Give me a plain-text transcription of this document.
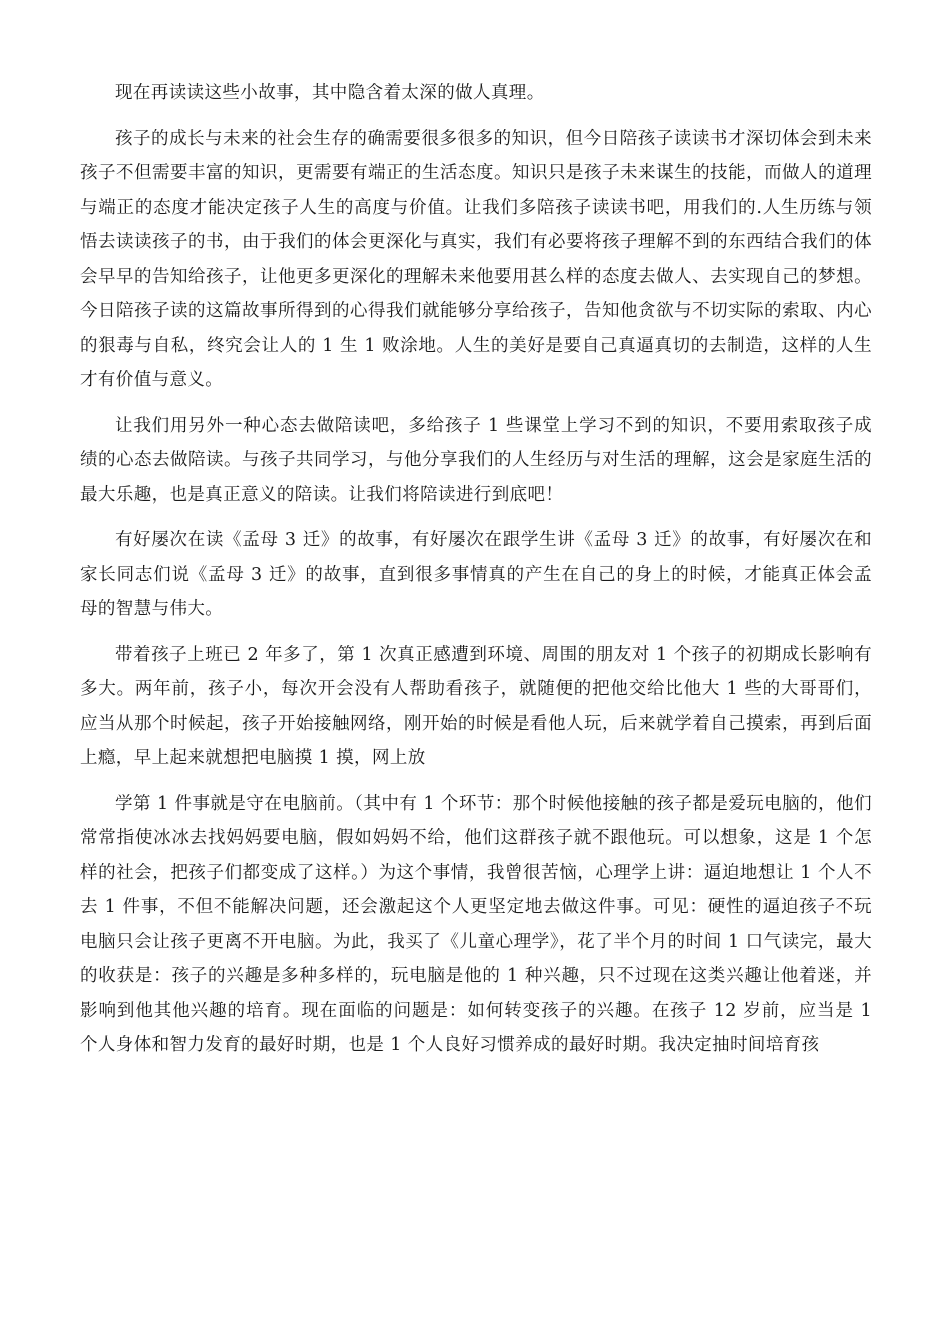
现在再读读这些小故事，其中隐含着太深的做人真理。

孩子的成长与未来的社会生存的确需要很多很多的知识，但今日陪孩子读读书才深切体会到未来孩子不但需要丰富的知识，更需要有端正的生活态度。知识只是孩子未来谋生的技能，而做人的道理与端正的态度才能决定孩子人生的高度与价值。让我们多陪孩子读读书吧，用我们的.人生历练与领悟去读读孩子的书，由于我们的体会更深化与真实，我们有必要将孩子理解不到的东西结合我们的体会早早的告知给孩子，让他更多更深化的理解未来他要用甚么样的态度去做人、去实现自己的梦想。今日陪孩子读的这篇故事所得到的心得我们就能够分享给孩子，告知他贪欲与不切实际的索取、内心的狠毒与自私，终究会让人的 1 生 1 败涂地。人生的美好是要自己真逼真切的去制造，这样的人生才有价值与意义。

让我们用另外一种心态去做陪读吧，多给孩子 1 些课堂上学习不到的知识，不要用索取孩子成绩的心态去做陪读。与孩子共同学习，与他分享我们的人生经历与对生活的理解，这会是家庭生活的最大乐趣，也是真正意义的陪读。让我们将陪读进行到底吧！

有好屡次在读《孟母 3 迁》的故事，有好屡次在跟学生讲《孟母 3 迁》的故事，有好屡次在和家长同志们说《孟母 3 迁》的故事，直到很多事情真的产生在自己的身上的时候，才能真正体会孟母的智慧与伟大。

带着孩子上班已 2 年多了，第 1 次真正感遭到环境、周围的朋友对 1 个孩子的初期成长影响有多大。两年前，孩子小，每次开会没有人帮助看孩子，就随便的把他交给比他大 1 些的大哥哥们，应当从那个时候起，孩子开始接触网络，刚开始的时候是看他人玩，后来就学着自己摸索，再到后面上瘾，早上起来就想把电脑摸 1 摸，网上放

学第 1 件事就是守在电脑前。（其中有 1 个环节：那个时候他接触的孩子都是爱玩电脑的，他们常常指使冰冰去找妈妈要电脑，假如妈妈不给，他们这群孩子就不跟他玩。可以想象，这是 1 个怎样的社会，把孩子们都变成了这样。）为这个事情，我曾很苦恼，心理学上讲：逼迫地想让 1 个人不去 1 件事，不但不能解决问题，还会激起这个人更坚定地去做这件事。可见：硬性的逼迫孩子不玩电脑只会让孩子更离不开电脑。为此，我买了《儿童心理学》，花了半个月的时间 1 口气读完，最大的收获是：孩子的兴趣是多种多样的，玩电脑是他的 1 种兴趣，只不过现在这类兴趣让他着迷，并影响到他其他兴趣的培育。现在面临的问题是：如何转变孩子的兴趣。在孩子 12 岁前，应当是 1 个人身体和智力发育的最好时期，也是 1 个人良好习惯养成的最好时期。我决定抽时间培育孩
